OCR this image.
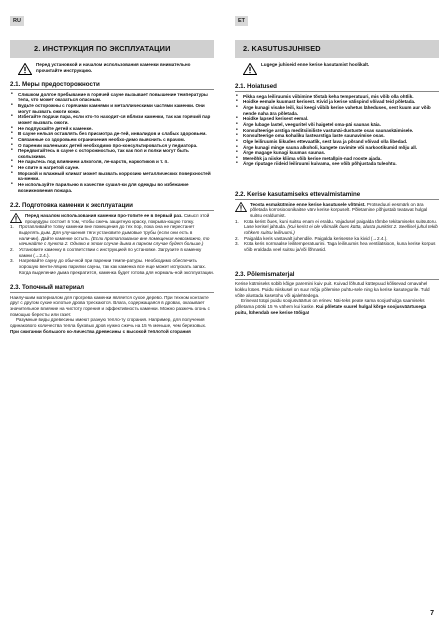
RU	ET
2. ИНСТРУКЦИЯ ПО ЭКСПЛУАТАЦИИ
Перед установкой и началом использования каменки внимательно прочитайте инструкцию.
2.1. Меры предосторожности
• Слишком долгое пребывание в горячей сауне вызывает повышение температуры тела, что может оказаться опасным.
• Будьте осторожны с горячими камнями и металлическими частями каменки. Они могут вызвать ожоги кожи.
• Избегайте подачи пара, если кто-то находит-ся вблизи каменки, так как горячий пар может вызвать ожоги.
• Не подпускайте детей к каменке.
• В сауне нельзя оставлять без присмотра де-тей, инвалидов и слабых здоровьем.
• Связанные со здоровьем ограничения необхо-димо выяснить с врачом.
• О парении маленьких детей необходимо про-консультироваться у педиатора.
• Передвигайтесь в сауне с осторожностью, так как пол и полки могут быть скользкими.
• Не парьтесь под влиянием алкоголя, ле-карств, наркотиков и т. п.
• Не спите в нагретой сауне.
• Морской и влажный климат может вызвать коррозию металлических поверхностей ка-менки.
• Не используйте парильню в качестве сушил-ки для одежды во избежание возникновения пожара.
2.2. Подготовка каменки к эксплуатации
Перед началом использования каменки про-топите ее в первый раз. Смысл этой процедуры состоит в том, чтобы сжечь защитную краску, покрыва-ющую топку.
1. Протапливайте топку каменки вне помещения до тех пор, пока она не перестанет выделять дым. Для улучшения тяги установите дымовые трубы (если они есть в наличии). Дайте каменке остыть. (Если протапливание вне помещения невозможно, то начинайте с пункта 2. Однако в этом случае дыма в парном случае будет больше.)
2. Установите каменку в соответствии с инструкцией по установке. Загрузите в каменку камни (→2.4.).
3. Нагревайте сауну до обычной при парении темпе-ратуры. Необходимо обеспечить хорошую венти-ляцию парилки сауны, так как каменка все еще может испускать запах. Когда выделение дыма прекратится, каменка будет готова для нормаль-ной эксплуатации.
2.3. Топочный материал
Наилучшим материалом для прогрева каменки является сухое дерево. При техном контакте друг с другом сухие колотые дрова трескаются. Влага, содержащаяся в дровах, оказывает значительное влияние на чистоту горения и эффективность каменки. Можно разжечь огонь с помощью бересты или газет.
Разумные виды древесины имеют разную тепло-ту сгорания. Например, для получения одинакового количества тепла буковых дров нужно сжечь на 15 % меньше, чем березовых. При сжигании большого ко-личества древесины с высокой теплотой сгорания
2. KASUTUSJUHISED
Lugege juhiseid enne kerise kasutamist hoolikalt.
2.1. Hoiatused
• Pikka sega leiliruumis viibimine tõstab keha temperatuuri, mis võib olla ohtlik.
• Hoidke eemale kuumast kerisest. Kivid ja kerise välispind võivad teid põletada.
• Ärge kunagi visake leili, kui keegi viibib kerise vahetus läheduses, sest kuum aur võib nende naha ära põletada.
• Hoidke lapsed kerisest eemal.
• Ärge lubage lastel, veeguritel või haigetel oma-päi saunas käia.
• Konsulteerige arstiga meditsiiniliste vastunäi-dustuste osas saunaskäimisele.
• Konsulteerige oma kohaliku lastearstiga laste saunavimise osas.
• Olge leiliruumis liikudes ettevaatlik, sest lava ja põrand võivad olla libedad.
• Ärge kunagi minge sauna alkoholi, kangete ravimite või narkootikumid mõju all.
• Ärge magage kunagi kuumas saunas.
• Mereõhk ja niiske kliima võib kerise metallpin-nad rooste ajada.
• Ärge riputage riideid leiliruumi kuivama, see võib põhjustada tuleohtu.
2.2. Kerise kasutamiseks ettevalmistamine
Teosta esmakütmine enne kerise kasutusele võtmist. Protseduuri eesmärk on ära põletada korrosiooonikaitse värv kerise korpuselt. Põletamine põhjustab teatavat hulgal suitsu eraldumist.
1. Küta kerist õues, kuni suitsu enam ei eraldu. Vajadusel paigalda tõmbe tekitamiseks suitsutoru. Lase kerisel jahtuda. (Kui kerist ei ole võimalik õues kütta, alusta punktist 2. Seellisel juhul tekib rohkem suitsu leiliruumi.)
2. Paigalda keris vastavalt juhendile. Paigalda kerisesse ka kivid (→2.4.).
3. Küta keris normaalse leilitemperatuurini. Taga leiliruumis hea ventilatsioon, kuna kerise korpus võib eraldada veel suitsu ja/või lõhnasid.
2.3. Põlemismaterjal
Kerise kütmiseks sobib kõige paremini kuiv puit. Kuivad lõhutud küttepuud kõlisevad omavahel kokku lüües. Puidu niiskusel on suur mõju põlemise puhtu-sele ning ka kerise kasutegurile. Tuld võite alustada kasetohu või ajalehtedega.
Erinevat tüüpi puidu soojusväärtus on erinev. Näi-teks peate sama soojushulga saamiseks põletama pööki 15 % vähem kui kaske. Kui põletate suurel hulgal kõrge soojusväärtusega puitu, lühendab see kerise töõiga!
7
